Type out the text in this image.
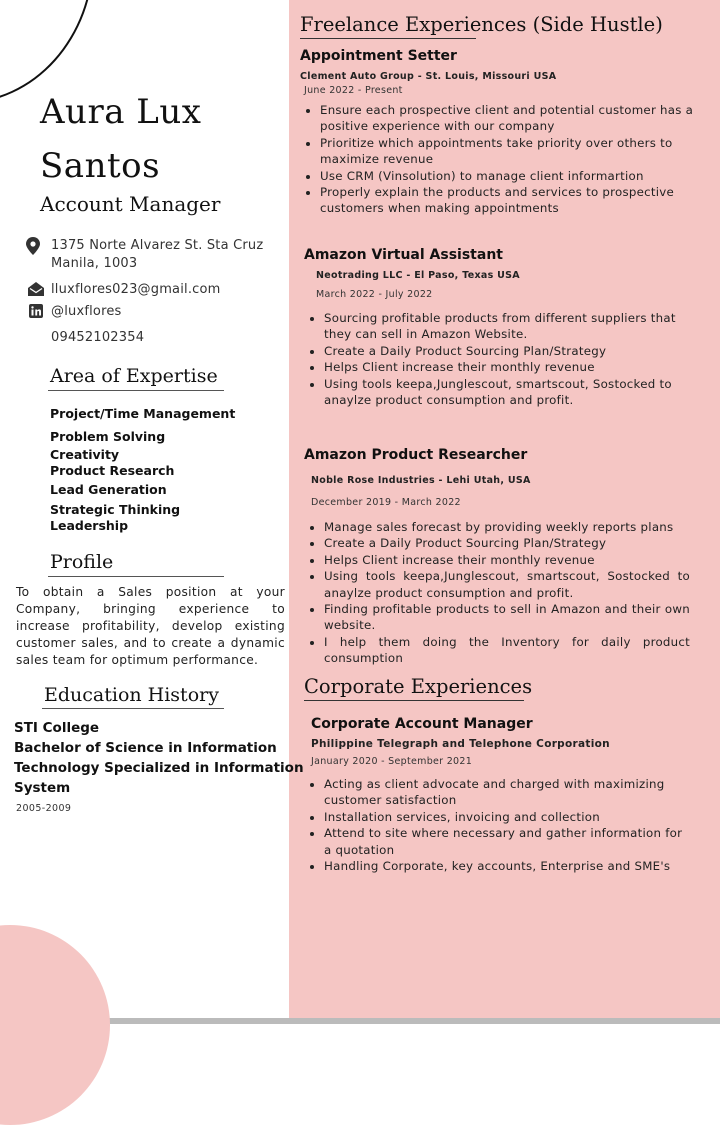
Aura Lux
Santos
Account Manager
1375 Norte Alvarez St. Sta Cruz
Manila, 1003
lluxflores023@gmail.com
@luxflores
09452102354
Area of Expertise
Project/Time Management
Problem Solving
Creativity
Product Research
Lead Generation
Strategic Thinking
Leadership
Profile
To obtain a Sales position at your Company, bringing experience to increase profitability, develop existing customer sales, and to create a dynamic sales team for optimum performance.
Education History
STI College
Bachelor of Science in Information
Technology Specialized in Information
System
2005-2009
Freelance Experiences (Side Hustle)
Appointment Setter
Clement Auto Group - St. Louis, Missouri USA
June 2022 - Present
• Ensure each prospective client and potential customer has a positive experience with our company
• Prioritize which appointments take priority over others to maximize revenue
• Use CRM (Vinsolution) to manage client informartion
• Properly explain the products and services to prospective customers when making appointments
Amazon Virtual Assistant
Neotrading LLC - El Paso, Texas USA
March 2022 - July 2022
• Sourcing profitable products from different suppliers that they can sell in Amazon Website.
• Create a Daily Product Sourcing Plan/Strategy
• Helps Client increase their monthly revenue
• Using tools keepa,Junglescout, smartscout, Sostocked to anaylze product consumption and profit.
Amazon Product Researcher
Noble Rose Industries - Lehi Utah, USA
December 2019 - March 2022
• Manage sales forecast by providing weekly reports plans
• Create a Daily Product Sourcing Plan/Strategy
• Helps Client increase their monthly revenue
• Using tools keepa,Junglescout, smartscout, Sostocked to anaylze product consumption and profit.
• Finding profitable products to sell in Amazon and their own website.
• I help them doing the Inventory for daily product consumption
Corporate Experiences
Corporate Account Manager
Philippine Telegraph and Telephone Corporation
January 2020 - September 2021
• Acting as client advocate and charged with maximizing customer satisfaction
• Installation services, invoicing and collection
• Attend to site where necessary and gather information for a quotation
• Handling Corporate, key accounts, Enterprise and SME's
